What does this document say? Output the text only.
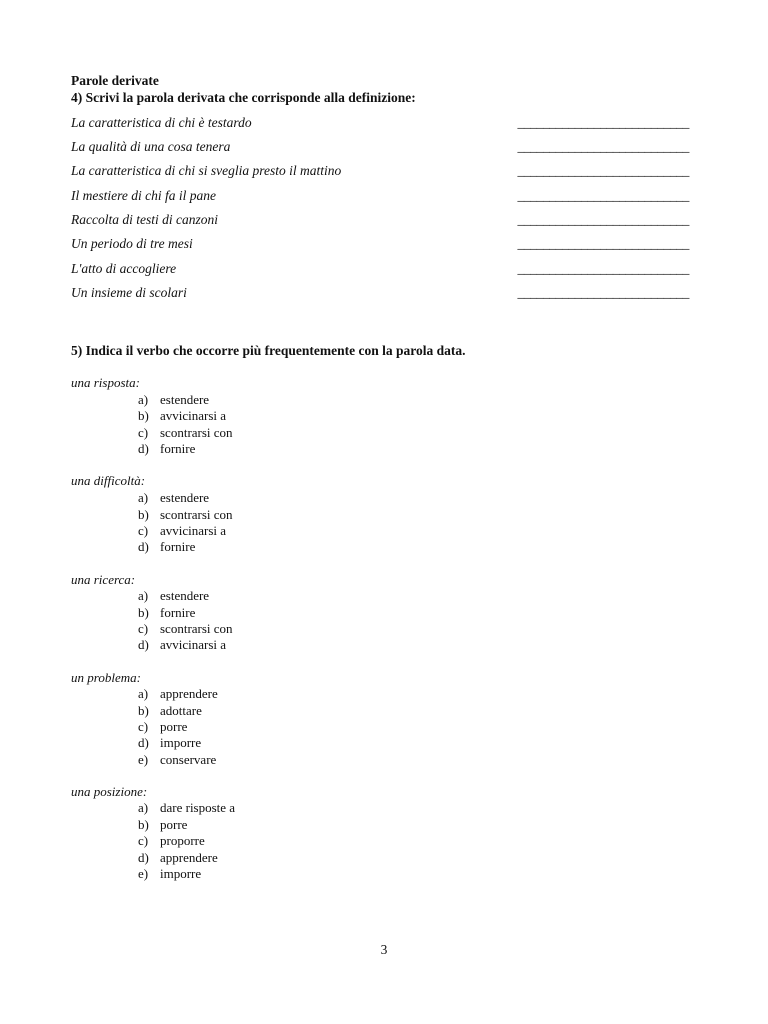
Parole derivate
4) Scrivi la parola derivata che corrisponde alla definizione:
La caratteristica di chi è testardo	___________________________
La qualità di una cosa tenera	___________________________
La caratteristica di chi si sveglia presto il mattino	___________________________
Il mestiere di chi fa il pane	___________________________
Raccolta di testi di canzoni	___________________________
Un periodo di tre mesi	___________________________
L'atto di accogliere	___________________________
Un insieme di scolari	___________________________
5) Indica il verbo che occorre più frequentemente con la parola data.
una risposta:
a) estendere
b) avvicinarsi a
c) scontrarsi con
d) fornire
una difficoltà:
a) estendere
b) scontrarsi con
c) avvicinarsi a
d) fornire
una ricerca:
a) estendere
b) fornire
c) scontrarsi con
d) avvicinarsi a
un problema:
a) apprendere
b) adottare
c) porre
d) imporre
e) conservare
una posizione:
a) dare risposte a
b) porre
c) proporre
d) apprendere
e) imporre
3
